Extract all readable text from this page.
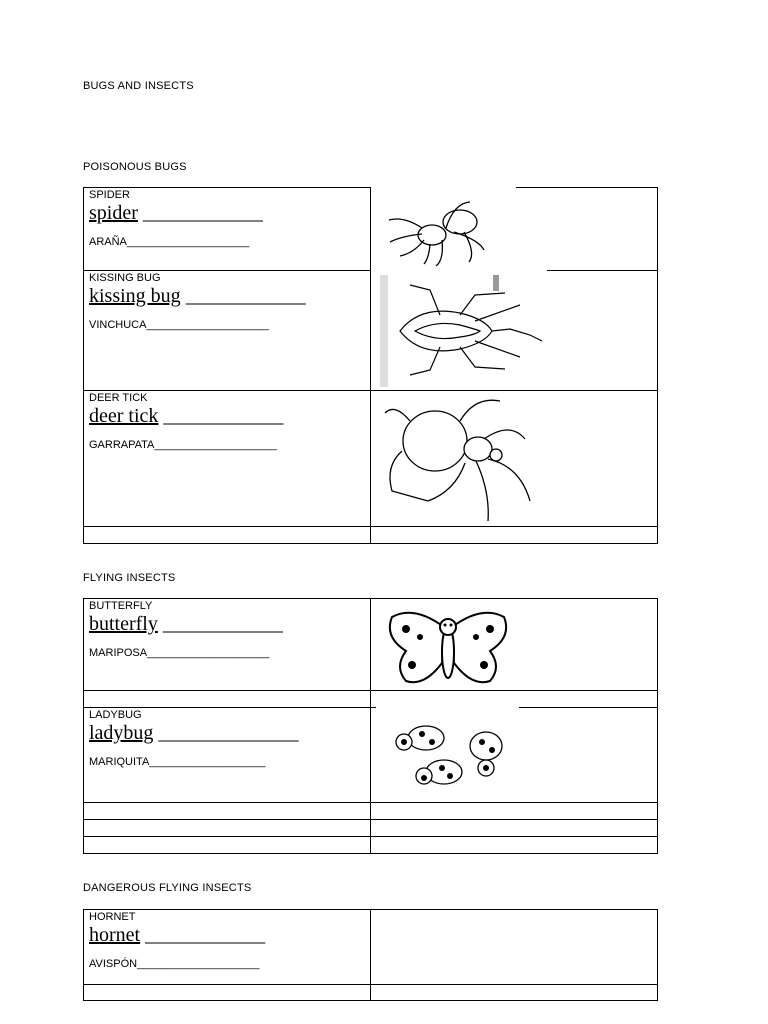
BUGS AND INSECTS
POISONOUS BUGS
SPIDER
spider ____________
ARAÑA____________________
KISSING BUG
kissing bug ____________
VINCHUCA____________________
DEER TICK
deer tick ____________
GARRAPATA____________________
FLYING INSECTS
BUTTERFLY
butterfly ____________
MARIPOSA____________________
LADYBUG
ladybug ______________
MARIQUITA___________________
DANGEROUS FLYING INSECTS
HORNET
hornet ____________
AVISPÓN____________________
